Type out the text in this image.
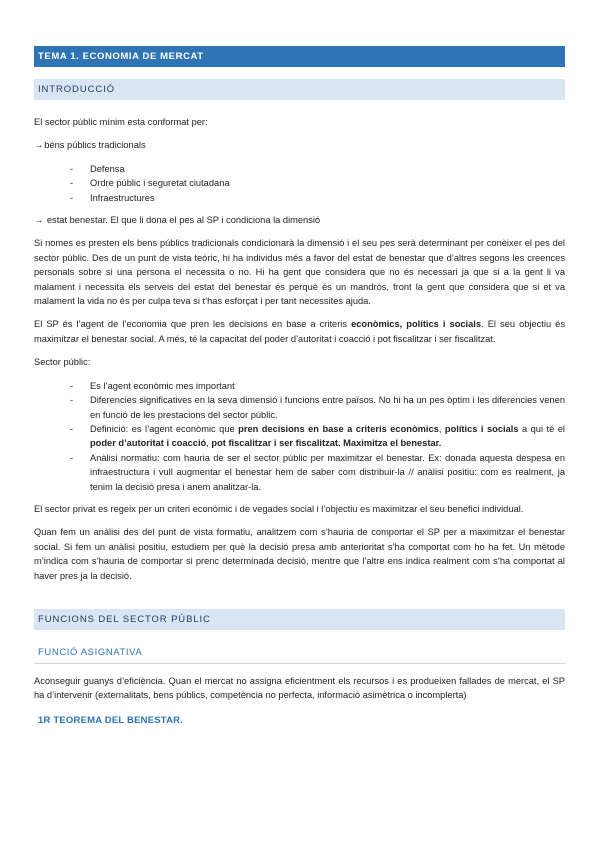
TEMA 1. ECONOMIA DE MERCAT
INTRODUCCIÓ

El sector públic mínim esta conformat per:

→béns públics tradicionals

- Defensa
- Ordre públic i seguretat ciutadana
- Infraestructures

→ estat benestar. El que li dona el pes al SP i condiciona la dimensió

Si nomes es presten els bens públics tradicionals condicionarà la dimensió i el seu pes serà determinant per conèixer el pes del sector públic. Des de un punt de vista teòric, hi ha individus més a favor del estat de benestar que d’altres segons les creences personals sobre si una persona el necessita o no. Hi ha gent que considera que no és necessari ja que si a la gent li va malament i necessita els serveis del estat del benestar és perquè és un mandrós, front la gent que considera que si et va malament la vida no és per culpa teva si t’has esforçat i per tant necessites ajuda.

El SP és l’agent de l’economia que pren les decisions en base a criteris econòmics, polítics i socials. El seu objectiu és maximitzar el benestar social. A més, té la capacitat del poder d’autoritat i coacció i pot fiscalitzar i ser fiscalitzat.

Sector públic:

- Es l’agent econòmic mes important
- Diferencies significatives en la seva dimensió i funcions entre països. No hi ha un pes òptim i les diferencies venen en funció de les prestacions del sector públic.
- Definició: es l’agent econòmic que pren decisions en base a criteris econòmics, polítics i socials a qui té el poder d’autoritat i coacció, pot fiscalitzar i ser fiscalitzat. Maximitza el benestar.
- Anàlisi normatiu: com hauria de ser el sector públic per maximitzar el benestar. Ex: donada aquesta despesa en infraestructura i vull augmentar el benestar hem de saber com distribuir-la // anàlisi positiu: com es realment, ja tenim la decisió presa i anem analitzar-la.

El sector privat es regeix per un criteri econòmic i de vegades social i l’objectiu es maximitzar el seu benefici individual.

Quan fem un anàlisi des del punt de vista formatiu, analitzem com s’hauria de comportar el SP per a maximitzar el benestar social. Si fem un anàlisi positiu, estudiem per què la decisió presa amb anterioritat s’ha comportat com ho ha fet. Un mètode m’indica com s’hauria de comportar si prenc determinada decisió, mentre que l’altre ens indica realment com s’ha comportat al haver pres ja la decisió.

FUNCIONS DEL SECTOR PÚBLIC
FUNCIÓ ASIGNATIVA

Aconseguir guanys d’eficiència. Quan el mercat no assigna eficientment els recursos i es produeixen fallades de mercat, el SP ha d’intervenir (externalitats, bens públics, competència no perfecta, informació asimètrica o incomplerta)

1R TEOREMA DEL BENESTAR.
